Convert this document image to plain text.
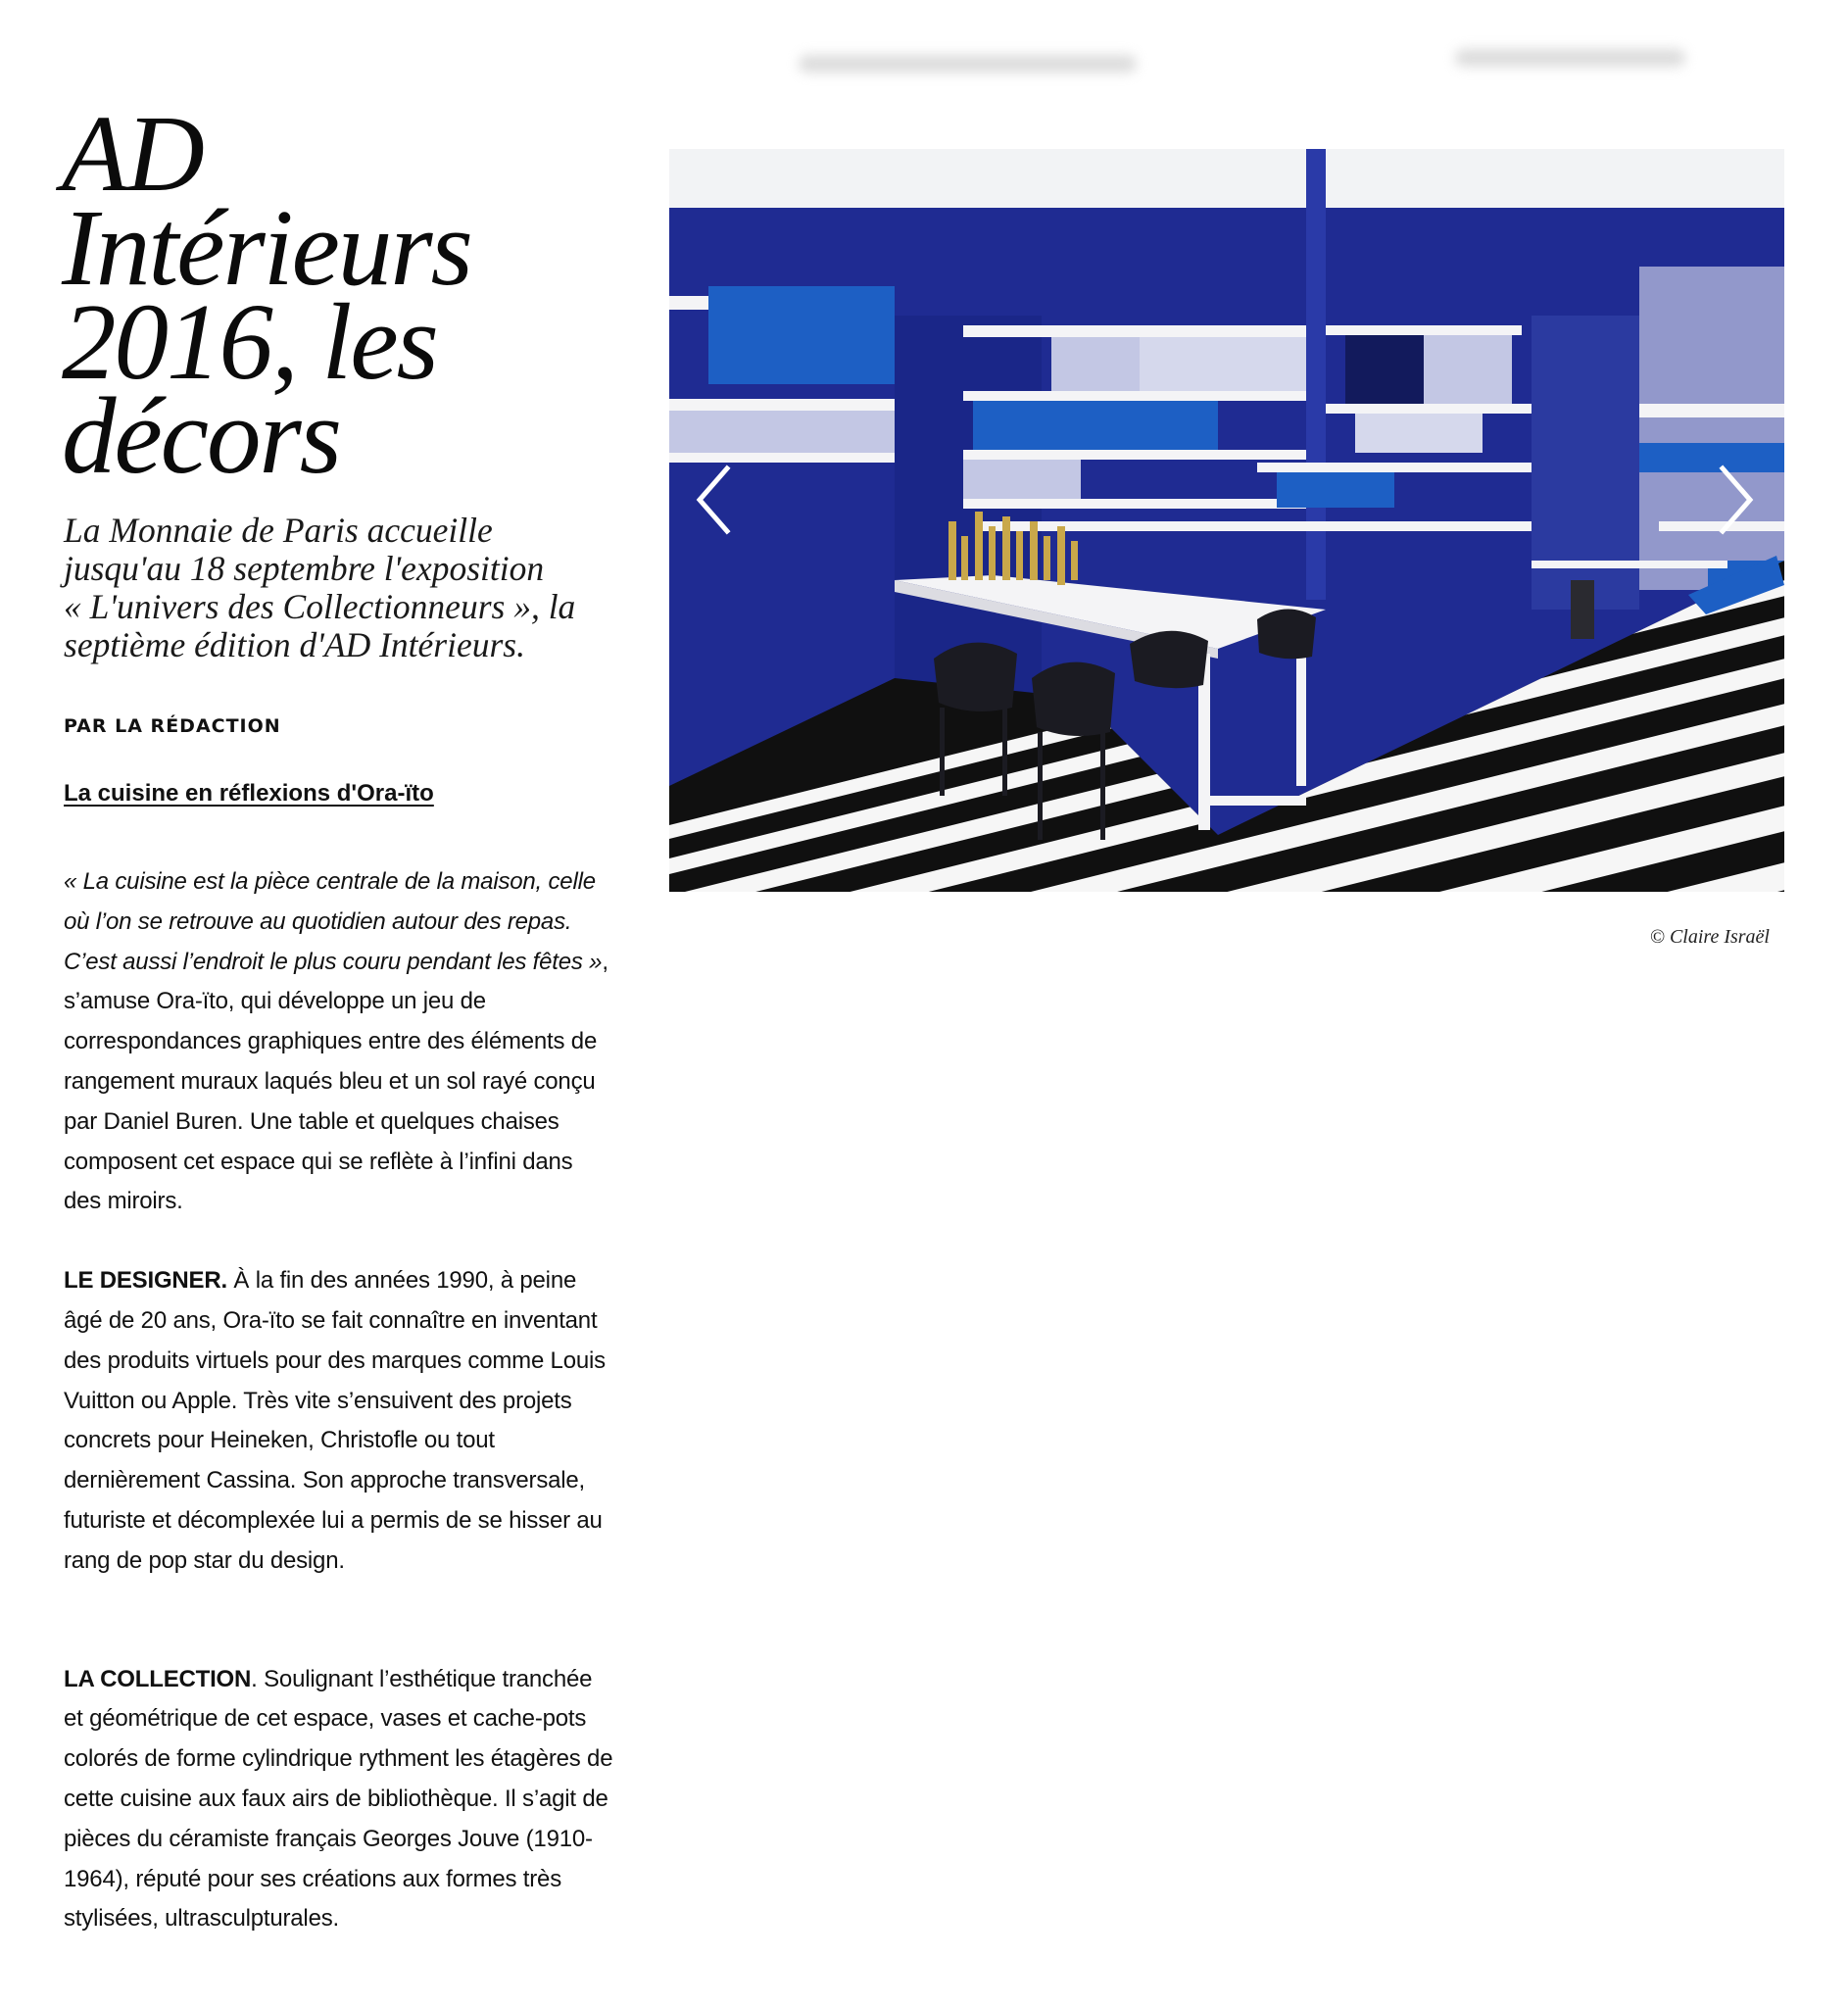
AD
Intérieurs
2016, les
décors
La Monnaie de Paris accueille
jusqu'au 18 septembre l'exposition
« L'univers des Collectionneurs », la
septième édition d'AD Intérieurs.
PAR LA RÉDACTION
La cuisine en réflexions d'Ora-ïto
« La cuisine est la pièce centrale de la maison, celle
où l’on se retrouve au quotidien autour des repas.
C’est aussi l’endroit le plus couru pendant les fêtes »,
s’amuse Ora-ïto, qui développe un jeu de
correspondances graphiques entre des éléments de
rangement muraux laqués bleu et un sol rayé conçu
par Daniel Buren. Une table et quelques chaises
composent cet espace qui se reflète à l’infini dans
des miroirs.
LE DESIGNER. À la fin des années 1990, à peine
âgé de 20 ans, Ora-ïto se fait connaître en inventant
des produits virtuels pour des marques comme Louis
Vuitton ou Apple. Très vite s’ensuivent des projets
concrets pour Heineken, Christofle ou tout
dernièrement Cassina. Son approche transversale,
futuriste et décomplexée lui a permis de se hisser au
rang de pop star du design.
LA COLLECTION. Soulignant l’esthétique tranchée
et géométrique de cet espace, vases et cache-pots
colorés de forme cylindrique rythment les étagères de
cette cuisine aux faux airs de bibliothèque. Il s’agit de
pièces du céramiste français Georges Jouve (1910-
1964), réputé pour ses créations aux formes très
stylisées, ultrasculpturales.
© Claire Israël
